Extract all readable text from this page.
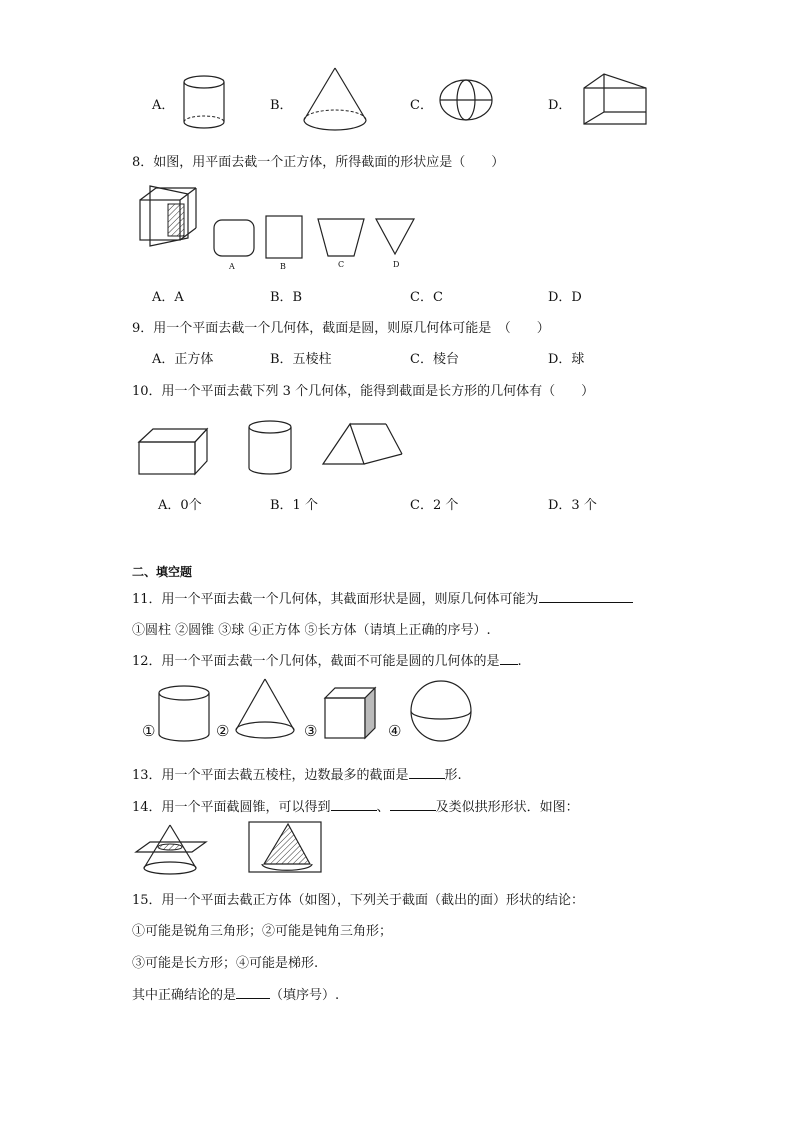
A．	B．	C．	D．
8．如图，用平面去截一个正方体，所得截面的形状应是（　　）
A	B	C	D
A．A	B．B	C．C	D．D
9．用一个平面去截一个几何体，截面是圆，则原几何体可能是　（　　）
A．正方体	B．五棱柱	C．棱台	D．球
10．用一个平面去截下列 3 个几何体，能得到截面是长方形的几何体有（　　）
A．0个	B．1 个	C．2 个	D．3 个
二、填空题
11．用一个平面去截一个几何体，其截面形状是圆，则原几何体可能为
①圆柱 ②圆锥 ③球 ④正方体 ⑤长方体（请填上正确的序号）.
12．用一个平面去截一个几何体，截面不可能是圆的几何体的是 .
①	②	③	④
13．用一个平面去截五棱柱，边数最多的截面是	形.
14．用一个平面截圆锥，可以得到	、	及类似拱形形状．如图：
15．用一个平面去截正方体（如图），下列关于截面（截出的面）形状的结论：
①可能是锐角三角形；②可能是钝角三角形；
③可能是长方形；④可能是梯形.
其中正确结论的是	（填序号）.
